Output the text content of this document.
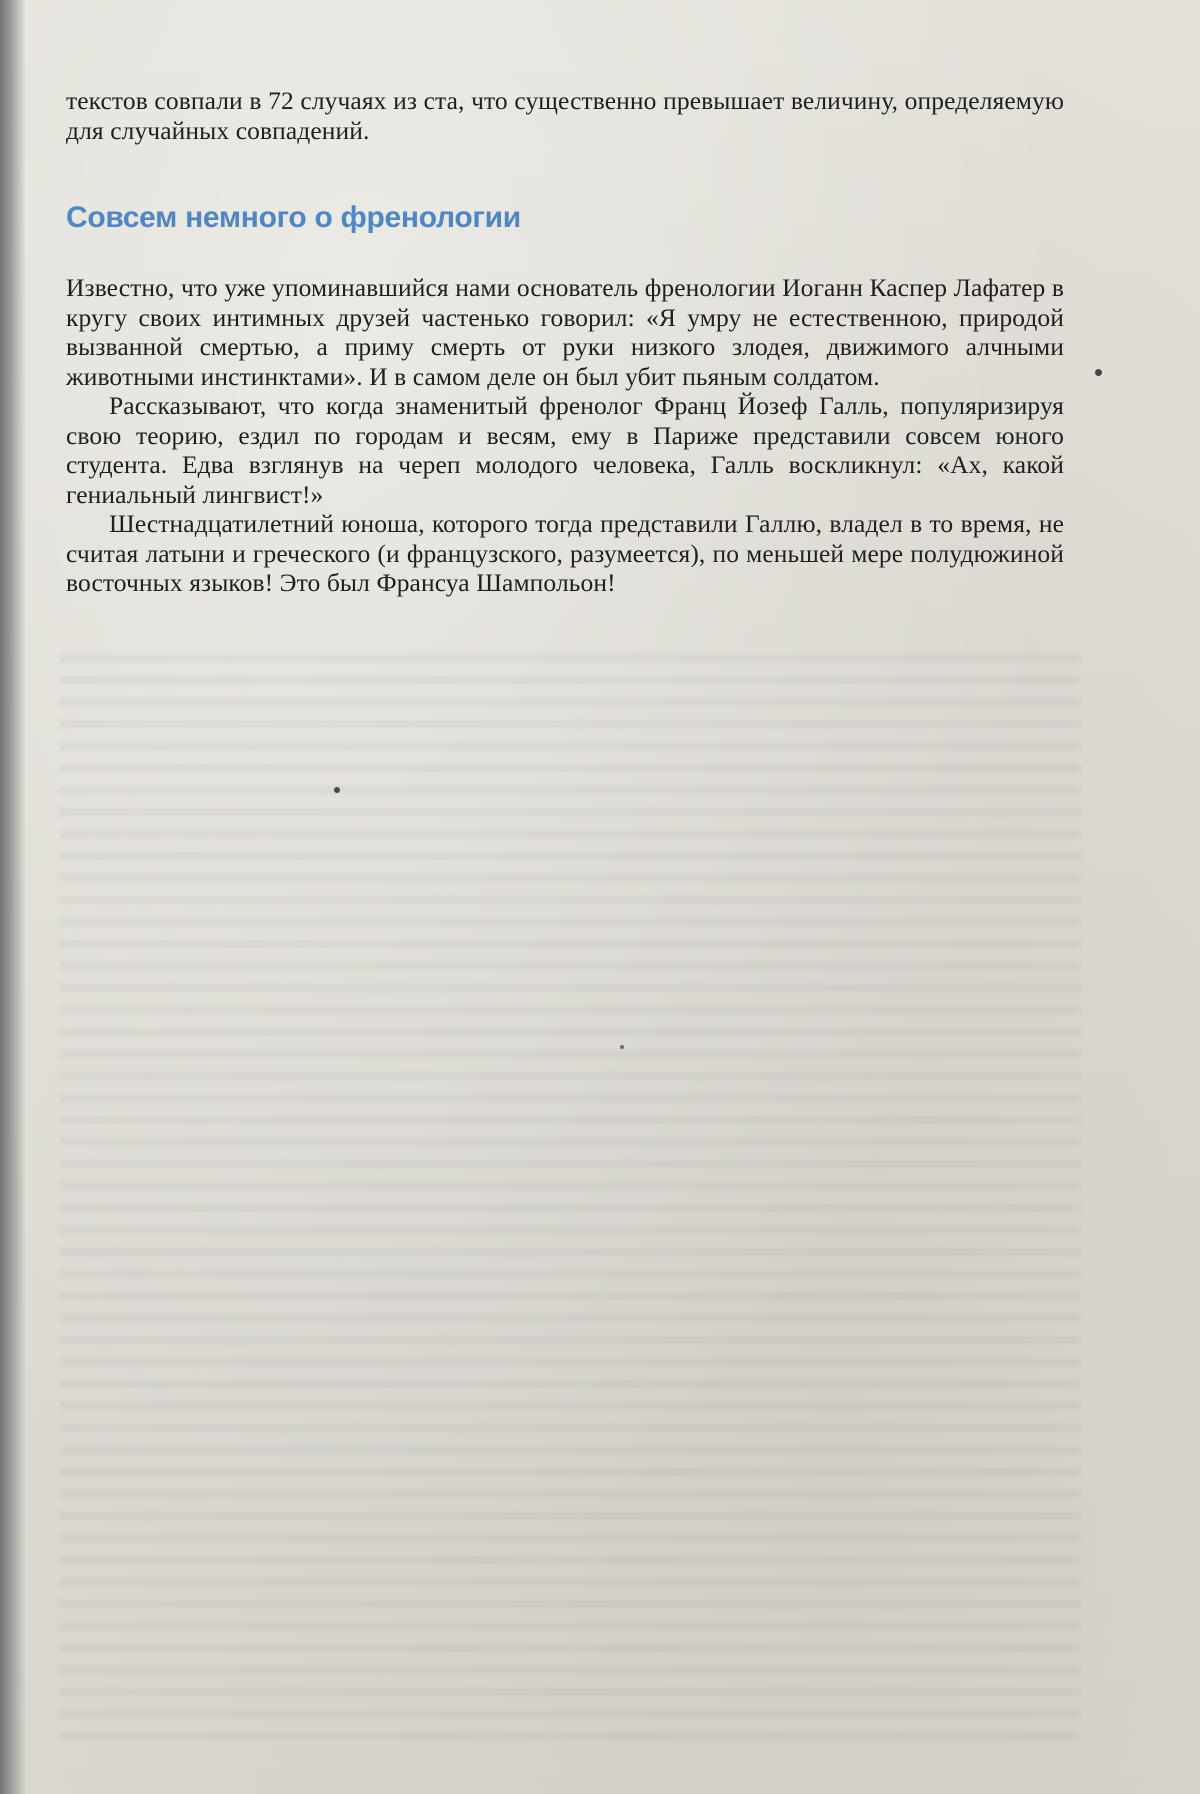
текстов совпали в 72 случаях из ста, что существенно превышает величину, определяемую для случайных совпадений.

Совсем немного о френологии

Известно, что уже упоминавшийся нами основатель френологии Иоганн Каспер Лафатер в кругу своих интимных друзей частенько говорил: «Я умру не естественною, природой вызванной смертью, а приму смерть от руки низкого злодея, движимого алчными животными инстинктами». И в самом деле он был убит пьяным солдатом.

Рассказывают, что когда знаменитый френолог Франц Йозеф Галль, популяризируя свою теорию, ездил по городам и весям, ему в Париже представили совсем юного студента. Едва взглянув на череп молодого человека, Галль воскликнул: «Ах, какой гениальный лингвист!»

Шестнадцатилетний юноша, которого тогда представили Галлю, владел в то время, не считая латыни и греческого (и французского, разумеется), по меньшей мере полудюжиной восточных языков! Это был Франсуа Шампольон!
